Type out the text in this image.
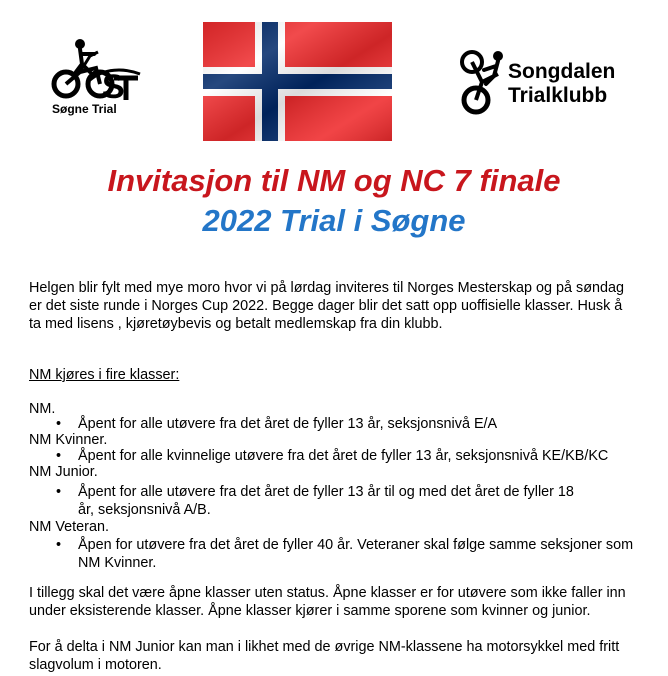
S
Søgne Trial
Songdalen
Trialklubb
Invitasjon til NM og NC 7 finale
2022 Trial i Søgne
Helgen blir fylt med mye moro hvor vi på lørdag inviteres til Norges Mesterskap og på søndag er det siste runde i Norges Cup 2022. Begge dager blir det satt opp uoffisielle klasser. Husk å ta med lisens , kjøretøybevis og betalt medlemskap fra din klubb.
NM kjøres i fire klasser:
NM.
• Åpent for alle utøvere fra det året de fyller 13 år, seksjonsnivå E/A
NM Kvinner.
• Åpent for alle kvinnelige utøvere fra det året de fyller 13 år, seksjonsnivå KE/KB/KC
NM Junior.
• Åpent for alle utøvere fra det året de fyller 13 år til og med det året de fyller 18 år, seksjonsnivå A/B.
NM Veteran.
• Åpen for utøvere fra det året de fyller 40 år. Veteraner skal følge samme seksjoner som NM Kvinner.
I tillegg skal det være åpne klasser uten status. Åpne klasser er for utøvere som ikke faller inn under eksisterende klasser. Åpne klasser kjører i samme sporene som kvinner og junior.
For å delta i NM Junior kan man i likhet med de øvrige NM-klassene ha motorsykkel med fritt slagvolum i motoren.
